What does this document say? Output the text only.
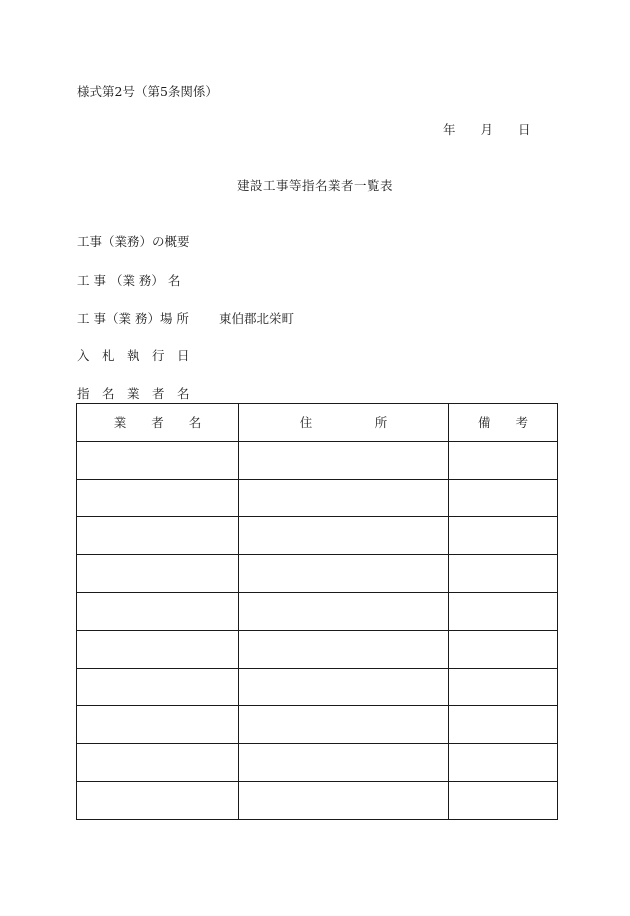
様式第2号（第5条関係）
年　　月　　日
建設工事等指名業者一覧表
工事（業務）の概要
工 事 （業 務） 名
工 事（業 務）場 所 東伯郡北栄町
入　札　執　行　日
指　名　業　者　名
業　　者　　名	住　　　　　所	備　　考
